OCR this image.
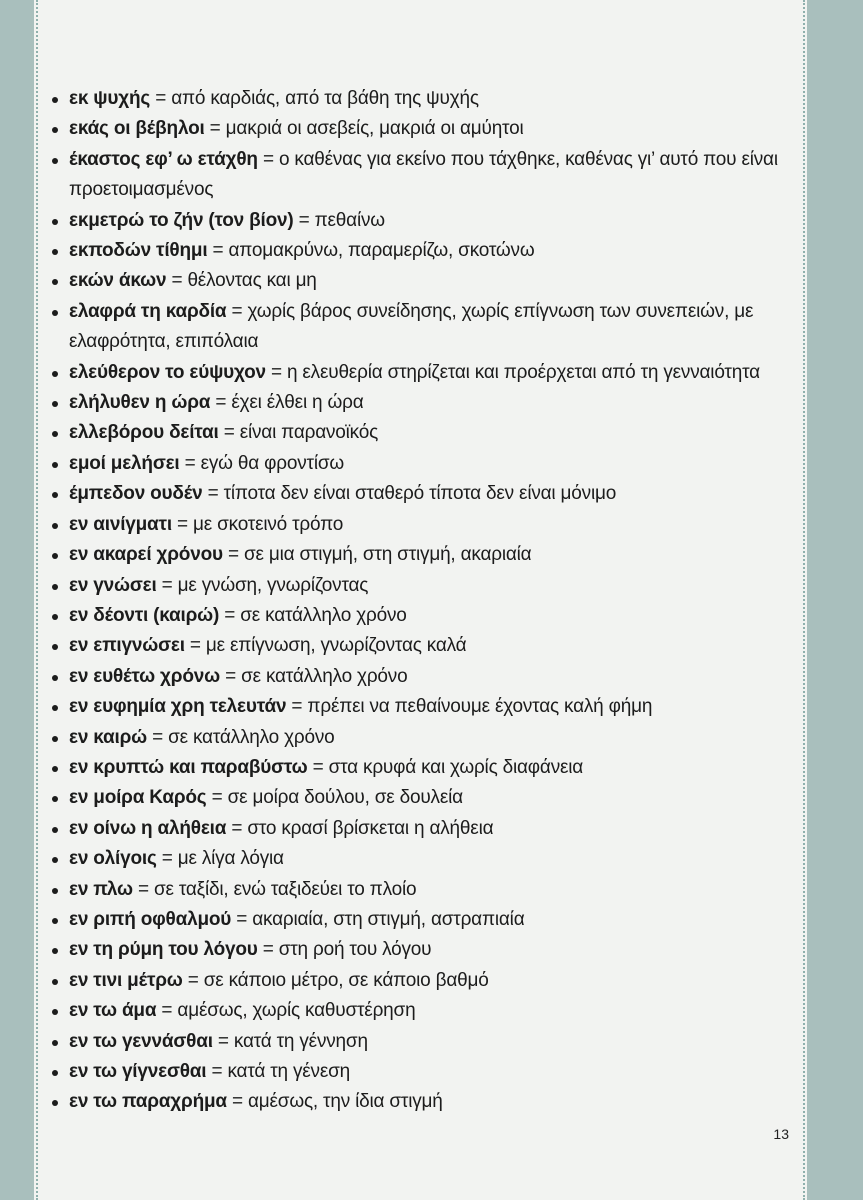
εκ ψυχής = από καρδιάς, από τα βάθη της ψυχής
εκάς οι βέβηλοι = μακριά οι ασεβείς, μακριά οι αμύητοι
έκαστος εφ’ ω ετάχθη = ο καθένας για εκείνο που τάχθηκε, καθένας γι’ αυτό που είναι προετοιμασμένος
εκμετρώ το ζήν (τον βίον) = πεθαίνω
εκποδών τίθημι = απομακρύνω, παραμερίζω, σκοτώνω
εκών άκων = θέλοντας και μη
ελαφρά τη καρδία = χωρίς βάρος συνείδησης, χωρίς επίγνωση των συνεπειών, με ελαφρότητα, επιπόλαια
ελεύθερον το εύψυχον = η ελευθερία στηρίζεται και προέρχεται από τη γενναιότητα
ελήλυθεν η ώρα = έχει έλθει η ώρα
ελλεβόρου δείται = είναι παρανοϊκός
εμοί μελήσει = εγώ θα φροντίσω
έμπεδον ουδέν = τίποτα δεν είναι σταθερό τίποτα δεν είναι μόνιμο
εν αινίγματι = με σκοτεινό τρόπο
εν ακαρεί χρόνου = σε μια στιγμή, στη στιγμή, ακαριαία
εν γνώσει = με γνώση, γνωρίζοντας
εν δέοντι (καιρώ) = σε κατάλληλο χρόνο
εν επιγνώσει = με επίγνωση, γνωρίζοντας καλά
εν ευθέτω χρόνω = σε κατάλληλο χρόνο
εν ευφημία χρη τελευτάν = πρέπει να πεθαίνουμε έχοντας καλή φήμη
εν καιρώ = σε κατάλληλο χρόνο
εν κρυπτώ και παραβύστω = στα κρυφά και χωρίς διαφάνεια
εν μοίρα Καρός = σε μοίρα δούλου, σε δουλεία
εν οίνω η αλήθεια = στο κρασί βρίσκεται η αλήθεια
εν ολίγοις = με λίγα λόγια
εν πλω = σε ταξίδι, ενώ ταξιδεύει το πλοίο
εν ριπή οφθαλμού = ακαριαία, στη στιγμή, αστραπιαία
εν τη ρύμη του λόγου = στη ροή του λόγου
εν τινι μέτρω = σε κάποιο μέτρο, σε κάποιο βαθμό
εν τω άμα = αμέσως, χωρίς καθυστέρηση
εν τω γεννάσθαι = κατά τη γέννηση
εν τω γίγνεσθαι = κατά τη γένεση
εν τω παραχρήμα = αμέσως, την ίδια στιγμή
13
